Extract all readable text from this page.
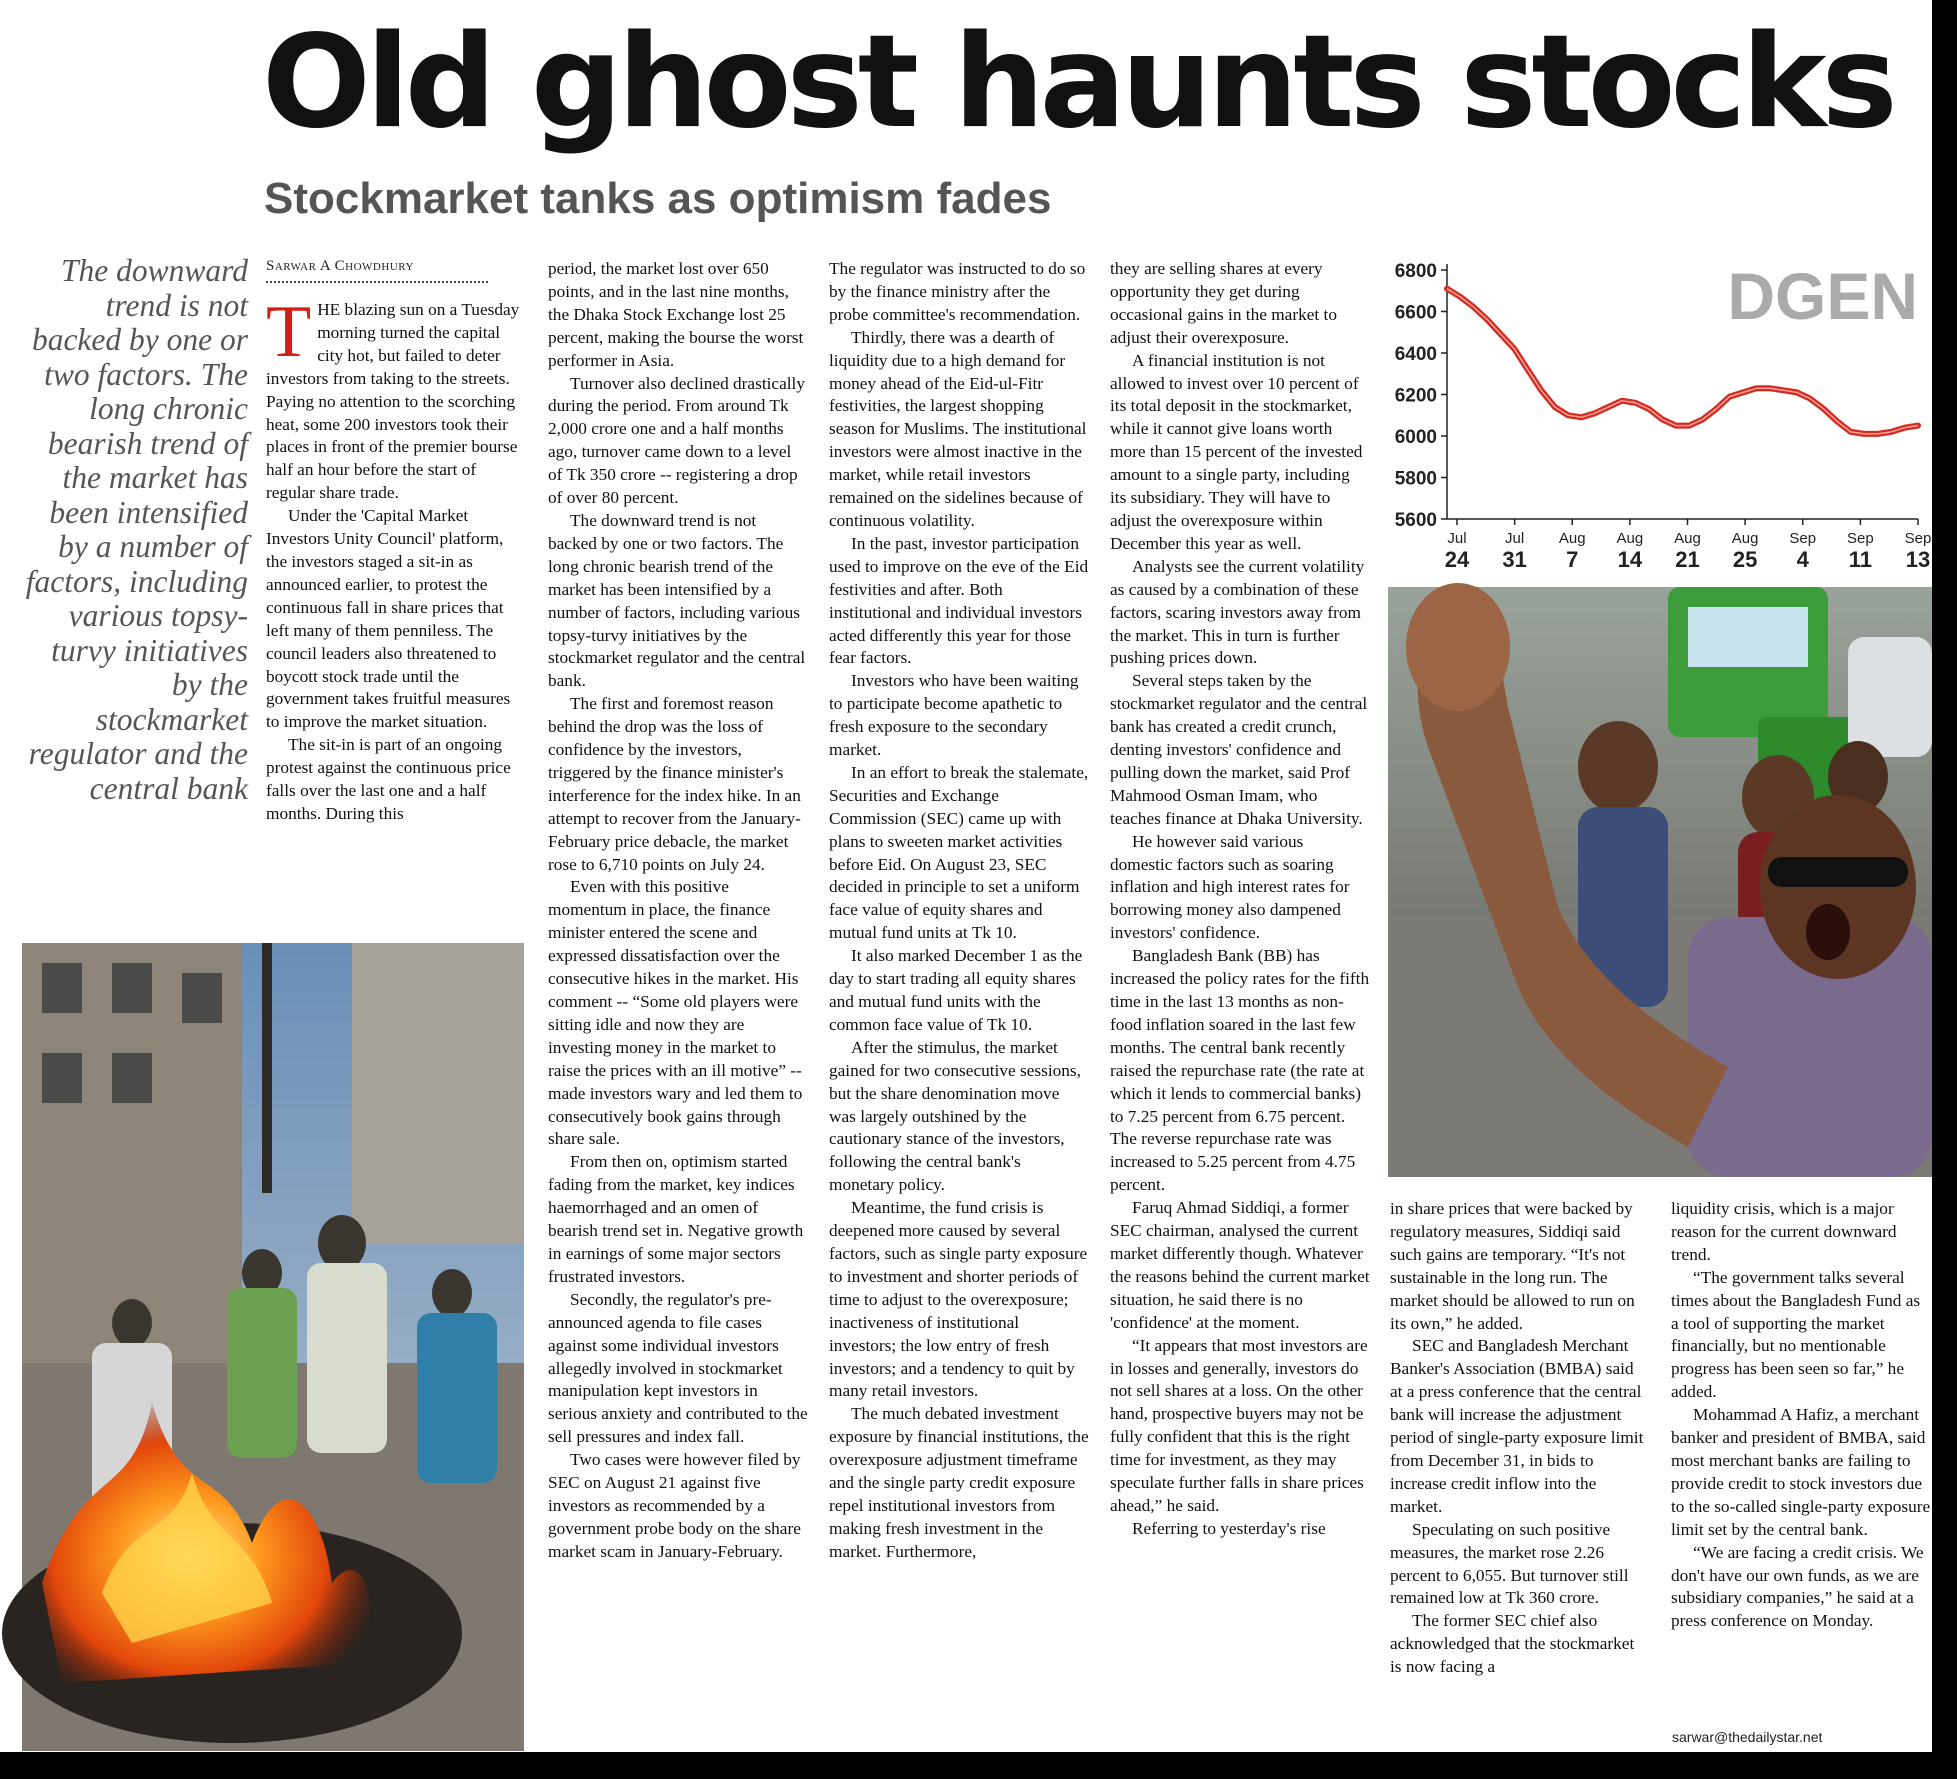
Old ghost haunts stocks
Stockmarket tanks as optimism fades
The downward trend is not backed by one or two factors. The long chronic bearish trend of the market has been intensified by a number of factors, including various topsy-turvy initiatives by the stockmarket regulator and the central bank
Sarwar A Chowdhury

THE blazing sun on a Tuesday morning turned the capital city hot, but failed to deter investors from taking to the streets. Paying no attention to the scorching heat, some 200 investors took their places in front of the premier bourse half an hour before the start of regular share trade.

Under the 'Capital Market Investors Unity Council' platform, the investors staged a sit-in as announced earlier, to protest the continuous fall in share prices that left many of them penniless. The council leaders also threatened to boycott stock trade until the government takes fruitful measures to improve the market situation.

The sit-in is part of an ongoing protest against the continuous price falls over the last one and a half months. During this

period, the market lost over 650 points, and in the last nine months, the Dhaka Stock Exchange lost 25 percent, making the bourse the worst performer in Asia.

Turnover also declined drastically during the period. From around Tk 2,000 crore one and a half months ago, turnover came down to a level of Tk 350 crore -- registering a drop of over 80 percent.

The downward trend is not backed by one or two factors. The long chronic bearish trend of the market has been intensified by a number of factors, including various topsy-turvy initiatives by the stockmarket regulator and the central bank.

The first and foremost reason behind the drop was the loss of confidence by the investors, triggered by the finance minister's interference for the index hike. In an attempt to recover from the January-February price debacle, the market rose to 6,710 points on July 24.

Even with this positive momentum in place, the finance minister entered the scene and expressed dissatisfaction over the consecutive hikes in the market. His comment -- “Some old players were sitting idle and now they are investing money in the market to raise the prices with an ill motive” -- made investors wary and led them to consecutively book gains through share sale.

From then on, optimism started fading from the market, key indices haemorrhaged and an omen of bearish trend set in. Negative growth in earnings of some major sectors frustrated investors.

Secondly, the regulator's pre-announced agenda to file cases against some individual investors allegedly involved in stockmarket manipulation kept investors in serious anxiety and contributed to the sell pressures and index fall.

Two cases were however filed by SEC on August 21 against five investors as recommended by a government probe body on the share market scam in January-February.

The regulator was instructed to do so by the finance ministry after the probe committee's recommendation.

Thirdly, there was a dearth of liquidity due to a high demand for money ahead of the Eid-ul-Fitr festivities, the largest shopping season for Muslims. The institutional investors were almost inactive in the market, while retail investors remained on the sidelines because of continuous volatility.

In the past, investor participation used to improve on the eve of the Eid festivities and after. Both institutional and individual investors acted differently this year for those fear factors.

Investors who have been waiting to participate become apathetic to fresh exposure to the secondary market.

In an effort to break the stalemate, Securities and Exchange Commission (SEC) came up with plans to sweeten market activities before Eid. On August 23, SEC decided in principle to set a uniform face value of equity shares and mutual fund units at Tk 10.

It also marked December 1 as the day to start trading all equity shares and mutual fund units with the common face value of Tk 10.

After the stimulus, the market gained for two consecutive sessions, but the share denomination move was largely outshined by the cautionary stance of the investors, following the central bank's monetary policy.

Meantime, the fund crisis is deepened more caused by several factors, such as single party exposure to investment and shorter periods of time to adjust to the overexposure; inactiveness of institutional investors; the low entry of fresh investors; and a tendency to quit by many retail investors.

The much debated investment exposure by financial institutions, the overexposure adjustment timeframe and the single party credit exposure repel institutional investors from making fresh investment in the market. Furthermore,

they are selling shares at every opportunity they get during occasional gains in the market to adjust their overexposure.

A financial institution is not allowed to invest over 10 percent of its total deposit in the stockmarket, while it cannot give loans worth more than 15 percent of the invested amount to a single party, including its subsidiary. They will have to adjust the overexposure within December this year as well.

Analysts see the current volatility as caused by a combination of these factors, scaring investors away from the market. This in turn is further pushing prices down.

Several steps taken by the stockmarket regulator and the central bank has created a credit crunch, denting investors' confidence and pulling down the market, said Prof Mahmood Osman Imam, who teaches finance at Dhaka University.

He however said various domestic factors such as soaring inflation and high interest rates for borrowing money also dampened investors' confidence.

Bangladesh Bank (BB) has increased the policy rates for the fifth time in the last 13 months as non-food inflation soared in the last few months. The central bank recently raised the repurchase rate (the rate at which it lends to commercial banks) to 7.25 percent from 6.75 percent. The reverse repurchase rate was increased to 5.25 percent from 4.75 percent.

Faruq Ahmad Siddiqi, a former SEC chairman, analysed the current market differently though. Whatever the reasons behind the current market situation, he said there is no 'confidence' at the moment.

“It appears that most investors are in losses and generally, investors do not sell shares at a loss. On the other hand, prospective buyers may not be fully confident that this is the right time for investment, as they may speculate further falls in share prices ahead,” he said.

Referring to yesterday's rise

DGEN
6800
6600
6400
6200
6000
5800
5600
Jul
24
Jul
31
Aug
7
Aug
14
Aug
21
Aug
25
Sep
4
Sep
11
Sep
13

in share prices that were backed by regulatory measures, Siddiqi said such gains are temporary. “It's not sustainable in the long run. The market should be allowed to run on its own,” he added.

SEC and Bangladesh Merchant Banker's Association (BMBA) said at a press conference that the central bank will increase the adjustment period of single-party exposure limit from December 31, in bids to increase credit inflow into the market.

Speculating on such positive measures, the market rose 2.26 percent to 6,055. But turnover still remained low at Tk 360 crore.

The former SEC chief also acknowledged that the stockmarket is now facing a

liquidity crisis, which is a major reason for the current downward trend.

“The government talks several times about the Bangladesh Fund as a tool of supporting the market financially, but no mentionable progress has been seen so far,” he added.

Mohammad A Hafiz, a merchant banker and president of BMBA, said most merchant banks are failing to provide credit to stock investors due to the so-called single-party exposure limit set by the central bank.

“We are facing a credit crisis. We don't have our own funds, as we are subsidiary companies,” he said at a press conference on Monday.

sarwar@thedailystar.net
